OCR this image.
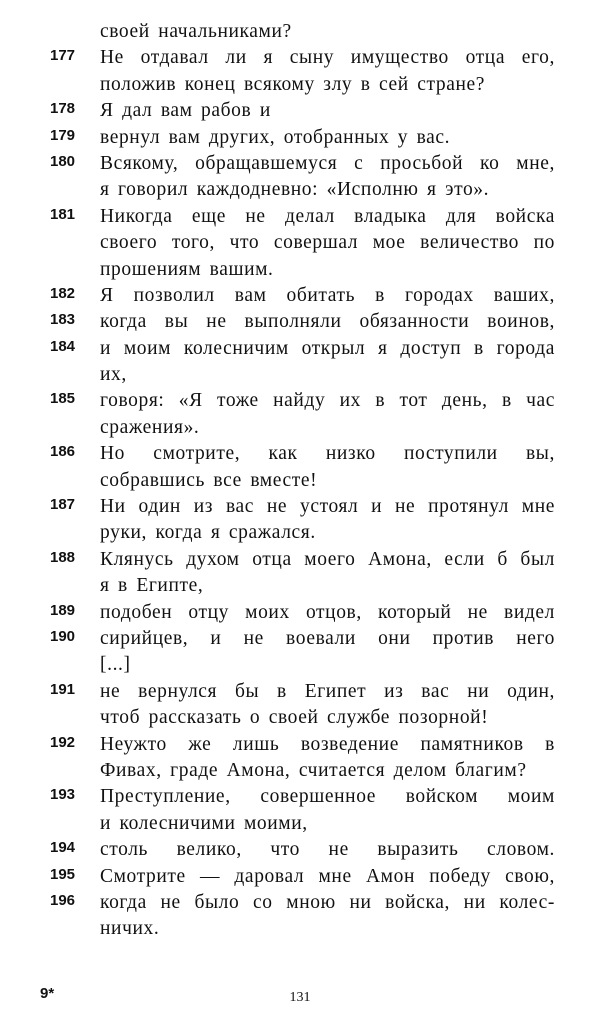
своей начальниками?
177 Не отдавал ли я сыну имущество отца его,
положив конец всякому злу в сей стране?
178 Я дал вам рабов и
179 вернул вам других, отобранных у вас.
180 Всякому, обращавшемуся с просьбой ко мне,
я говорил каждодневно: «Исполню я это».
181 Никогда еще не делал владыка для войска
своего того, что совершал мое величество по
прошениям вашим.
182 Я позволил вам обитать в городах ваших,
183 когда вы не выполняли обязанности воинов,
184 и моим колесничим открыл я доступ в города
их,
185 говоря: «Я тоже найду их в тот день, в час
сражения».
186 Но смотрите, как низко поступили вы,
собравшись все вместе!
187 Ни один из вас не устоял и не протянул мне
руки, когда я сражался.
188 Клянусь духом отца моего Амона, если б был
я в Египте,
189 подобен отцу моих отцов, который не видел
190 сирийцев, и не воевали они против него
[...]
191 не вернулся бы в Египет из вас ни один,
чтоб рассказать о своей службе позорной!
192 Неужто же лишь возведение памятников в
Фивах, граде Амона, считается делом благим?
193 Преступление, совершенное войском моим
и колесничими моими,
194 столь велико, что не выразить словом.
195 Смотрите — даровал мне Амон победу свою,
196 когда не было со мною ни войска, ни колес-
ничих.
9*	131
